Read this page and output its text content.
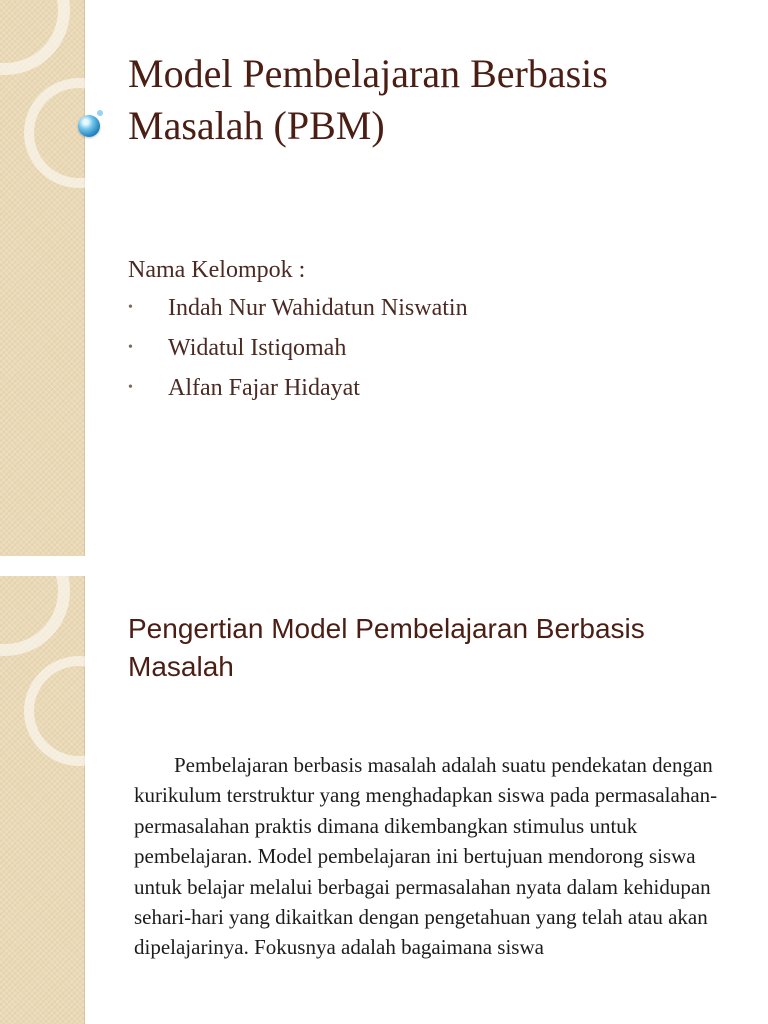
Model Pembelajaran Berbasis Masalah (PBM)

Nama Kelompok :

• Indah Nur Wahidatun Niswatin
• Widatul Istiqomah
• Alfan Fajar Hidayat
Pengertian Model Pembelajaran Berbasis Masalah

Pembelajaran berbasis masalah adalah suatu pendekatan dengan kurikulum terstruktur yang menghadapkan siswa pada permasalahan-permasalahan praktis dimana dikembangkan stimulus untuk pembelajaran. Model pembelajaran ini bertujuan mendorong siswa untuk belajar melalui berbagai permasalahan nyata dalam kehidupan sehari-hari yang dikaitkan dengan pengetahuan yang telah atau akan dipelajarinya. Fokusnya adalah bagaimana siswa
